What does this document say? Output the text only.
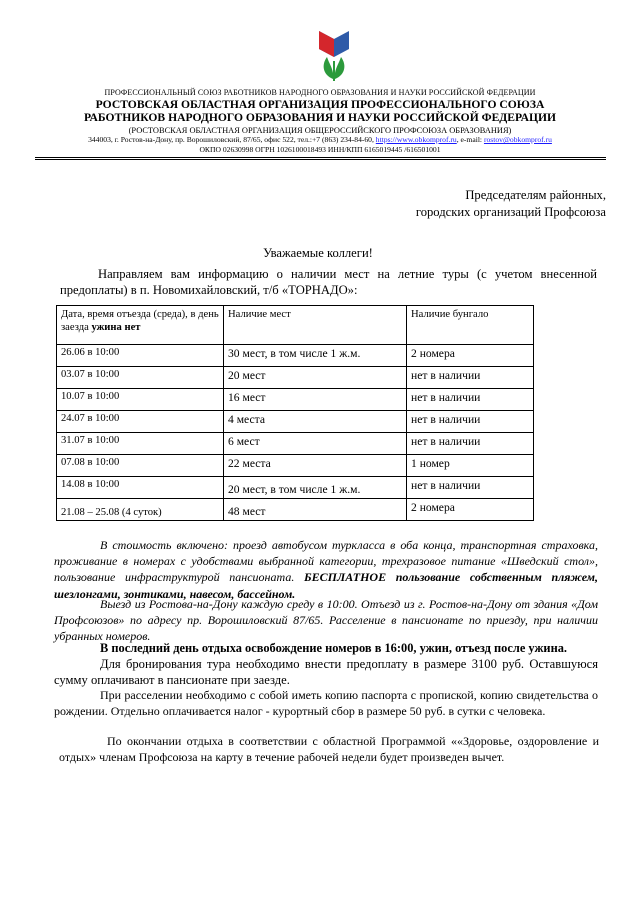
ПРОФЕССИОНАЛЬНЫЙ СОЮЗ РАБОТНИКОВ НАРОДНОГО ОБРАЗОВАНИЯ И НАУКИ РОССИЙСКОЙ ФЕДЕРАЦИИ
РОСТОВСКАЯ ОБЛАСТНАЯ ОРГАНИЗАЦИЯ ПРОФЕССИОНАЛЬНОГО СОЮЗА
РАБОТНИКОВ НАРОДНОГО ОБРАЗОВАНИЯ И НАУКИ РОССИЙСКОЙ ФЕДЕРАЦИИ
(РОСТОВСКАЯ ОБЛАСТНАЯ ОРГАНИЗАЦИЯ ОБЩЕРОССИЙСКОГО ПРОФСОЮЗА ОБРАЗОВАНИЯ)
344003, г. Ростов-на-Дону, пр. Ворошиловский, 87/65, офис 522, тел.:+7 (863) 234-84-60, https://www.obkomprof.ru, e-mail: rostov@obkomprof.ru
ОКПО 02630998 ОГРН 1026100018493 ИНН/КПП 6165019445 /616501001
Председателям районных,
городских организаций Профсоюза
Уважаемые коллеги!
Направляем вам информацию о наличии мест на летние туры (с учетом внесенной предоплаты) в п. Новомихайловский, т/б «ТОРНАДО»:
Дата, время отъезда (среда), в день заезда ужина нет	Наличие мест	Наличие бунгало
26.06 в 10:00	30 мест, в том числе 1 ж.м.	2 номера
03.07 в 10:00	20 мест	нет в наличии
10.07 в 10:00	16 мест	нет в наличии
24.07 в 10:00	4 места	нет в наличии
31.07 в 10:00	6 мест	нет в наличии
07.08 в 10:00	22 места	1 номер
14.08 в 10:00	20 мест, в том числе 1 ж.м.	нет в наличии
21.08 – 25.08 (4 суток)	48 мест	2 номера
В стоимость включено: проезд автобусом туркласса в оба конца, транспортная страховка, проживание в номерах с удобствами выбранной категории, трехразовое питание «Шведский стол», пользование инфраструктурой пансионата. БЕСПЛАТНОЕ пользование собственным пляжем, шезлонгами, зонтиками, навесом, бассейном.
Выезд из Ростова-на-Дону каждую среду в 10:00. Отъезд из г. Ростов-на-Дону от здания «Дом Профсоюзов» по адресу пр. Ворошиловский 87/65. Расселение в пансионате по приезду, при наличии убранных номеров.
В последний день отдыха освобождение номеров в 16:00, ужин, отъезд после ужина.
Для бронирования тура необходимо внести предоплату в размере 3100 руб. Оставшуюся сумму оплачивают в пансионате при заезде.
При расселении необходимо с собой иметь копию паспорта с пропиской, копию свидетельства о рождении. Отдельно оплачивается налог - курортный сбор в размере 50 руб. в сутки с человека.
По окончании отдыха в соответствии с областной Программой ««Здоровье, оздоровление и отдых» членам Профсоюза на карту в течение рабочей недели будет произведен вычет.
